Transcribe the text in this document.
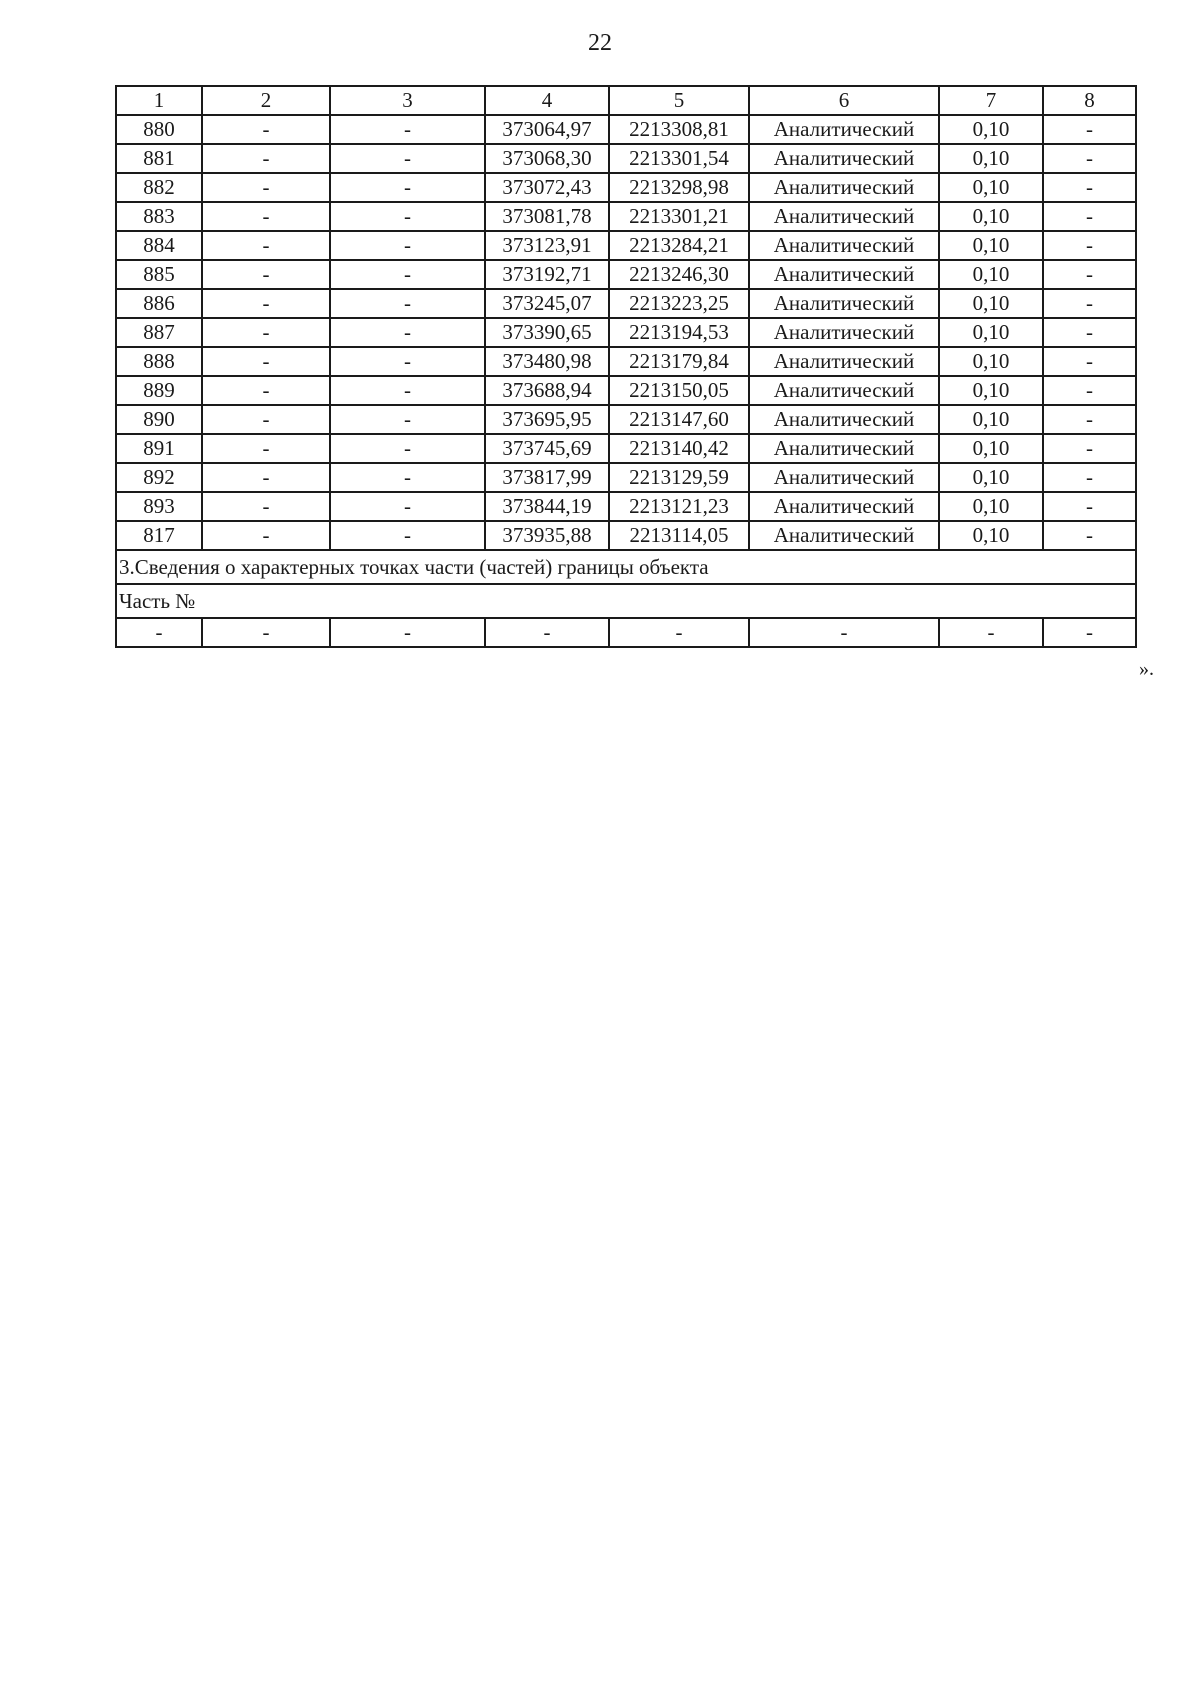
22
1	2	3	4	5	6	7	8
880	-	-	373064,97	2213308,81	Аналитический	0,10	-
881	-	-	373068,30	2213301,54	Аналитический	0,10	-
882	-	-	373072,43	2213298,98	Аналитический	0,10	-
883	-	-	373081,78	2213301,21	Аналитический	0,10	-
884	-	-	373123,91	2213284,21	Аналитический	0,10	-
885	-	-	373192,71	2213246,30	Аналитический	0,10	-
886	-	-	373245,07	2213223,25	Аналитический	0,10	-
887	-	-	373390,65	2213194,53	Аналитический	0,10	-
888	-	-	373480,98	2213179,84	Аналитический	0,10	-
889	-	-	373688,94	2213150,05	Аналитический	0,10	-
890	-	-	373695,95	2213147,60	Аналитический	0,10	-
891	-	-	373745,69	2213140,42	Аналитический	0,10	-
892	-	-	373817,99	2213129,59	Аналитический	0,10	-
893	-	-	373844,19	2213121,23	Аналитический	0,10	-
817	-	-	373935,88	2213114,05	Аналитический	0,10	-
3.Сведения о характерных точках части (частей) границы объекта							
Часть №							
-	-	-	-	-	-	-	-
».
